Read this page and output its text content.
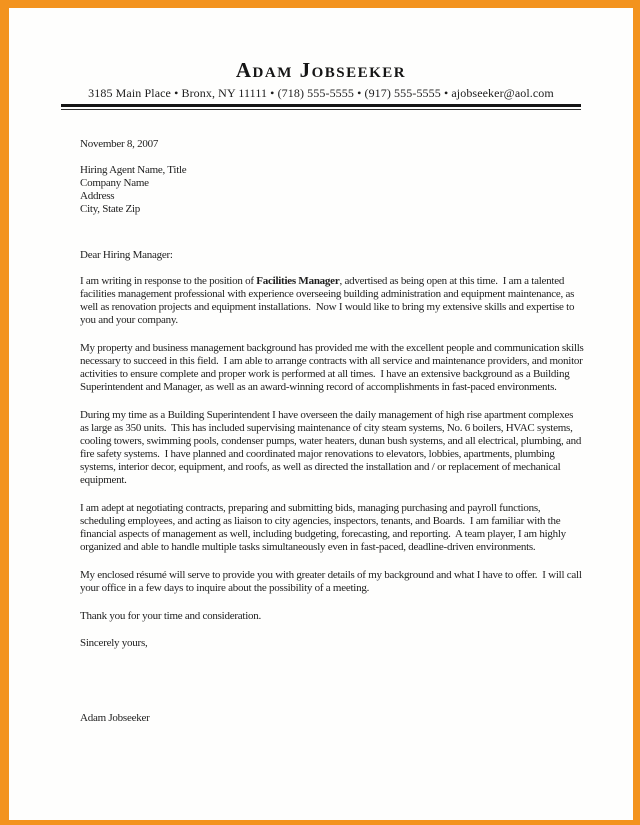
Adam Jobseeker
3185 Main Place • Bronx, NY 11111 • (718) 555-5555 • (917) 555-5555 • ajobseeker@aol.com
November 8, 2007
Hiring Agent Name, Title
Company Name
Address
City, State Zip
Dear Hiring Manager:

I am writing in response to the position of Facilities Manager, advertised as being open at this time.  I am a talented facilities management professional with experience overseeing building administration and equipment maintenance, as well as renovation projects and equipment installations.  Now I would like to bring my extensive skills and expertise to you and your company.

My property and business management background has provided me with the excellent people and communication skills necessary to succeed in this field.  I am able to arrange contracts with all service and maintenance providers, and monitor activities to ensure complete and proper work is performed at all times.  I have an extensive background as a Building Superintendent and Manager, as well as an award-winning record of accomplishments in fast-paced environments.

During my time as a Building Superintendent I have overseen the daily management of high rise apartment complexes as large as 350 units.  This has included supervising maintenance of city steam systems, No. 6 boilers, HVAC systems, cooling towers, swimming pools, condenser pumps, water heaters, dunan bush systems, and all electrical, plumbing, and fire safety systems.  I have planned and coordinated major renovations to elevators, lobbies, apartments, plumbing systems, interior decor, equipment, and roofs, as well as directed the installation and / or replacement of mechanical equipment.

I am adept at negotiating contracts, preparing and submitting bids, managing purchasing and payroll functions, scheduling employees, and acting as liaison to city agencies, inspectors, tenants, and Boards.  I am familiar with the financial aspects of management as well, including budgeting, forecasting, and reporting.  A team player, I am highly organized and able to handle multiple tasks simultaneously even in fast-paced, deadline-driven environments.

My enclosed résumé will serve to provide you with greater details of my background and what I have to offer.  I will call your office in a few days to inquire about the possibility of a meeting.

Thank you for your time and consideration.

Sincerely yours,

Adam Jobseeker
